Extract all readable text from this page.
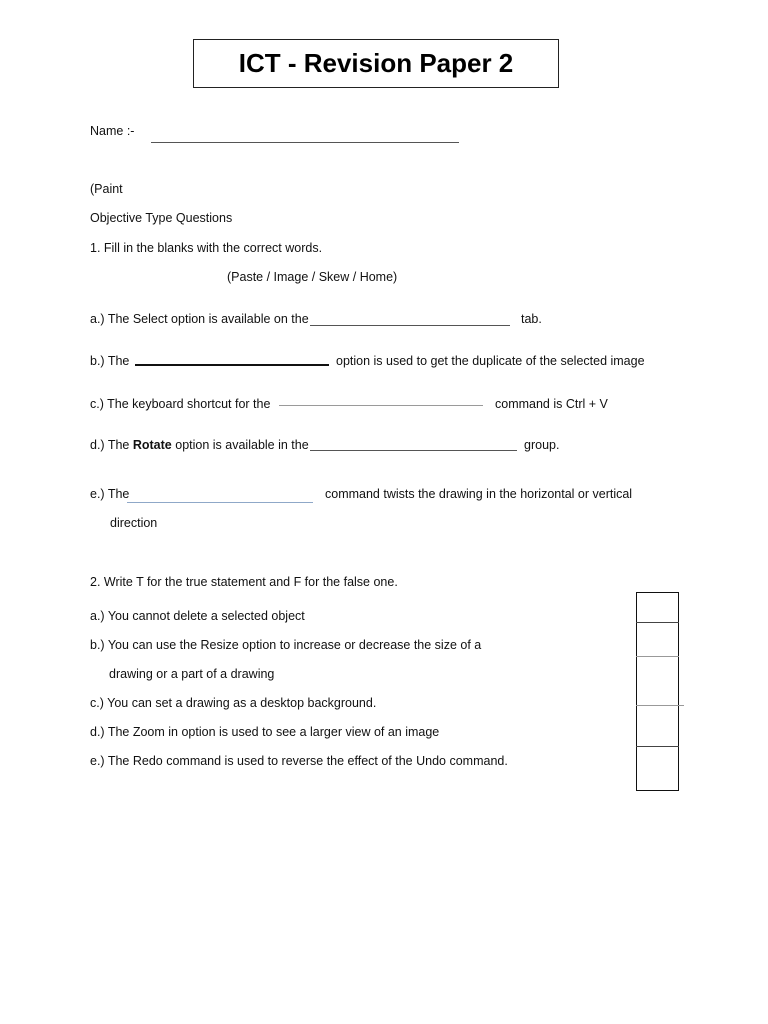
ICT - Revision Paper 2
Name :-
(Paint
Objective Type Questions
1. Fill in the blanks with the correct words.
(Paste / Image / Skew / Home)
a.) The Select option is available on the	tab.
b.) The	option is used to get the duplicate of the selected image
c.) The keyboard shortcut for the	command is Ctrl + V
d.) The Rotate option is available in the	group.
e.) The	command twists the drawing in the horizontal or vertical
direction
2. Write T for the true statement and F for the false one.
a.) You cannot delete a selected object
b.) You can use the Resize option to increase or decrease the size of a
drawing or a part of a drawing
c.) You can set a drawing as a desktop background.
d.) The Zoom in option is used to see a larger view of an image
e.) The Redo command is used to reverse the effect of the Undo command.
